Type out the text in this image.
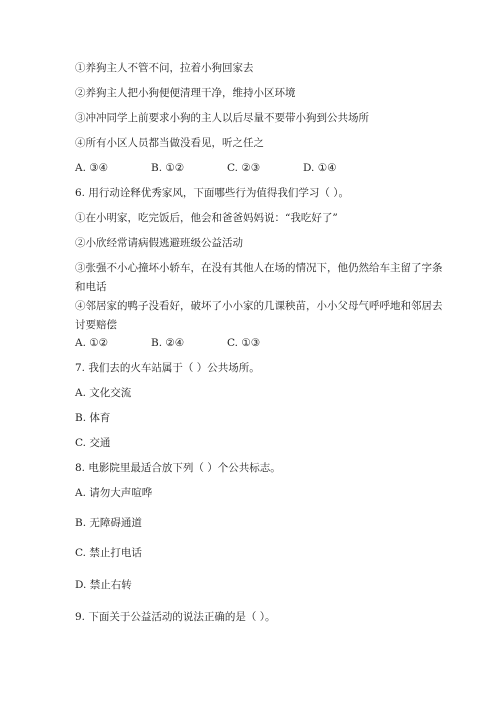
①养狗主人不管不问，拉着小狗回家去
②养狗主人把小狗便便清理干净，维持小区环境
③冲冲同学上前要求小狗的主人以后尽量不要带小狗到公共场所
④所有小区人员都当做没看见，听之任之
A. ③④	B. ①②	C. ②③	D. ①④
6. 用行动诠释优秀家风，下面哪些行为值得我们学习（ ）。
①在小明家，吃完饭后，他会和爸爸妈妈说：“我吃好了”
②小欣经常请病假逃避班级公益活动
③张强不小心撞坏小轿车，在没有其他人在场的情况下，他仍然给车主留了字条和电话
④邻居家的鸭子没看好，破坏了小小家的几课秧苗，小小父母气呼呼地和邻居去讨要赔偿
A. ①②	B. ②④	C. ①③
7. 我们去的火车站属于（ ）公共场所。
A. 文化交流
B. 体育
C. 交通
8. 电影院里最适合放下列（ ）个公共标志。
A. 请勿大声喧哗
B. 无障碍通道
C. 禁止打电话
D. 禁止右转
9. 下面关于公益活动的说法正确的是（ ）。
